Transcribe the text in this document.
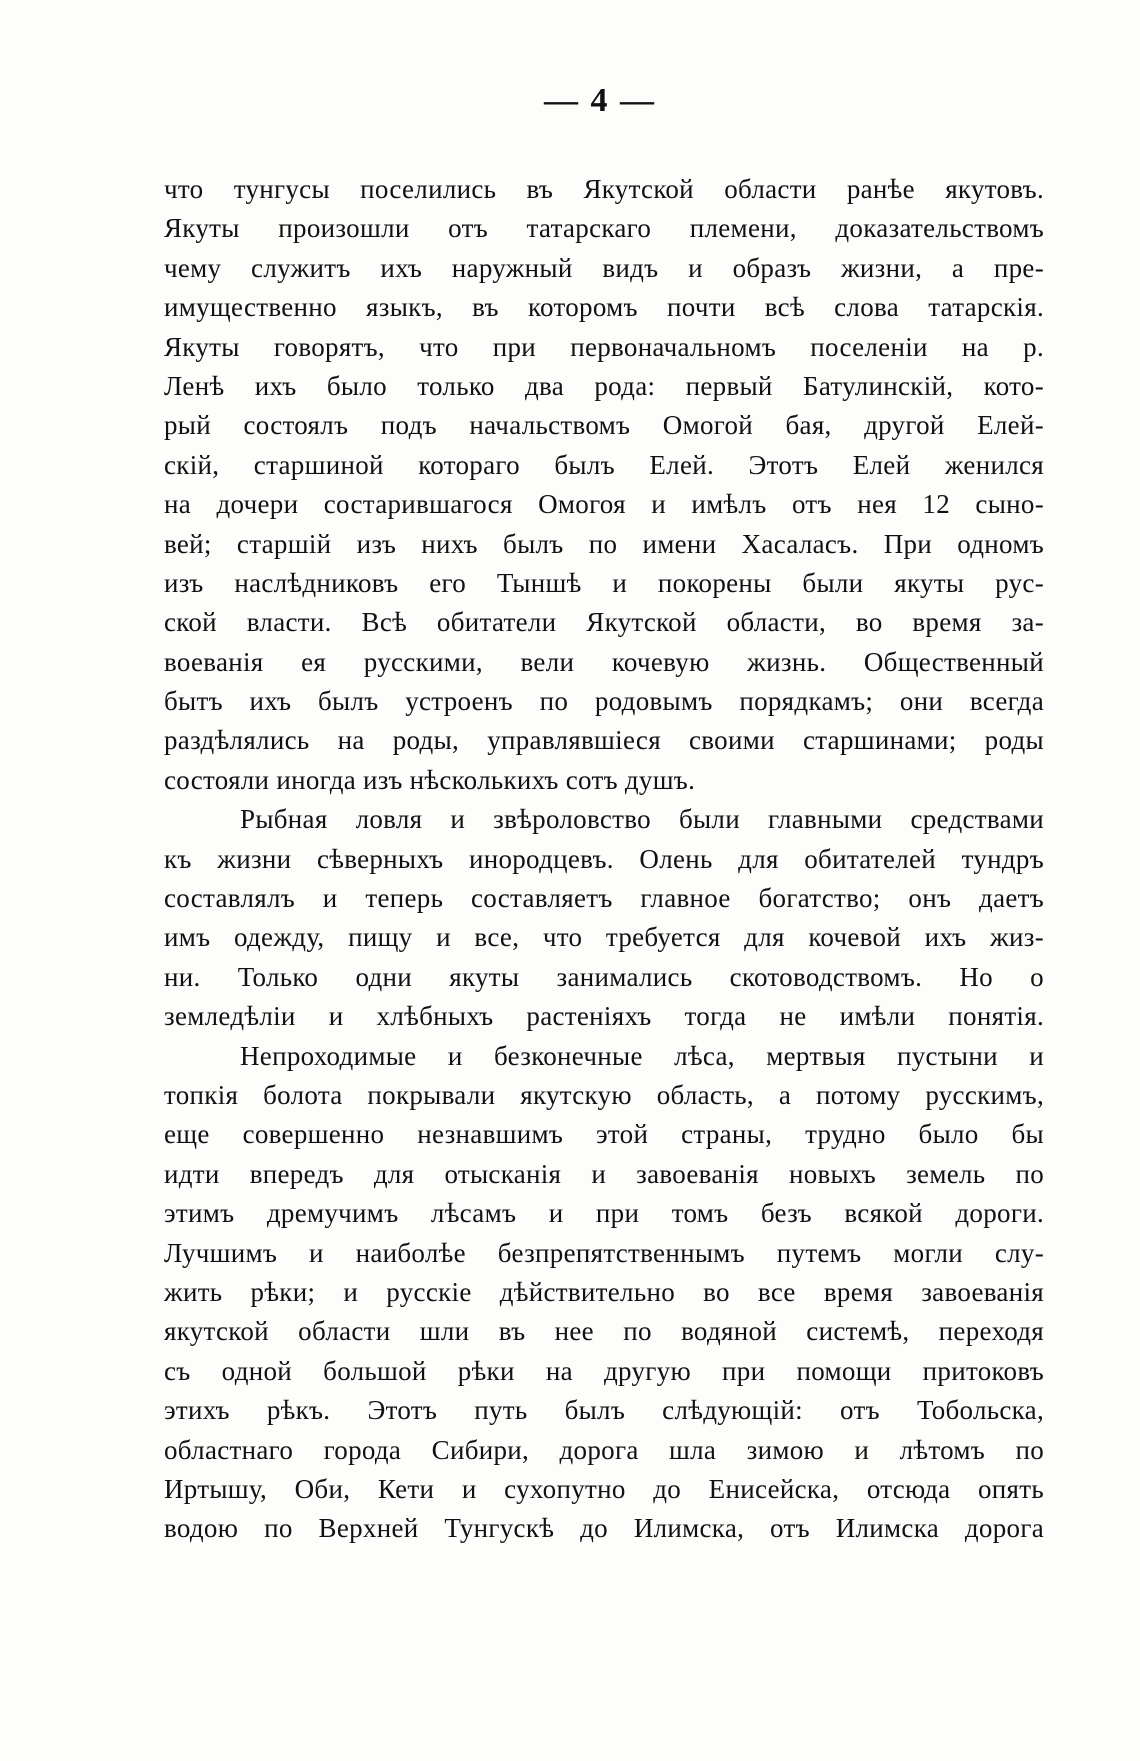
— 4 —
что тунгусы поселились въ Якутской области ранѣе якутовъ.
Якуты произошли отъ татарскаго племени, доказательствомъ
чему служитъ ихъ наружный видъ и образъ жизни, а пре-
имущественно языкъ, въ которомъ почти всѣ слова татарскія.
Якуты говорятъ, что при первоначальномъ поселеніи на р.
Ленѣ ихъ было только два рода: первый Батулинскій, кото-
рый состоялъ подъ начальствомъ Омогой бая, другой Елей-
скій, старшиной котораго былъ Елей. Этотъ Елей женился
на дочери состарившагося Омогоя и имѣлъ отъ нея 12 сыно-
вей; старшій изъ нихъ былъ по имени Хасаласъ. При одномъ
изъ наслѣдниковъ его Тыншѣ и покорены были якуты рус-
ской власти. Всѣ обитатели Якутской области, во время за-
воеванія ея русскими, вели кочевую жизнь. Общественный
бытъ ихъ былъ устроенъ по родовымъ порядкамъ; они всегда
раздѣлялись на роды, управлявшіеся своими старшинами; роды
состояли иногда изъ нѣсколькихъ сотъ душъ.
Рыбная ловля и звѣроловство были главными средствами
къ жизни сѣверныхъ инородцевъ. Олень для обитателей тундръ
составлялъ и теперь составляетъ главное богатство; онъ даетъ
имъ одежду, пищу и все, что требуется для кочевой ихъ жиз-
ни. Только одни якуты занимались скотоводствомъ. Но о
земледѣліи и хлѣбныхъ растеніяхъ тогда не имѣли понятія.
Непроходимые и безконечные лѣса, мертвыя пустыни и
топкія болота покрывали якутскую область, а потому русскимъ,
еще совершенно незнавшимъ этой страны, трудно было бы
идти впередъ для отысканія и завоеванія новыхъ земель по
этимъ дремучимъ лѣсамъ и при томъ безъ всякой дороги.
Лучшимъ и наиболѣе безпрепятственнымъ путемъ могли слу-
жить рѣки; и русскіе дѣйствительно во все время завоеванія
якутской области шли въ нее по водяной системѣ, переходя
съ одной большой рѣки на другую при помощи притоковъ
этихъ рѣкъ. Этотъ путь былъ слѣдующій: отъ Тобольска,
областнаго города Сибири, дорога шла зимою и лѣтомъ по
Иртышу, Оби, Кети и сухопутно до Енисейска, отсюда опять
водою по Верхней Тунгускѣ до Илимска, отъ Илимска дорога
